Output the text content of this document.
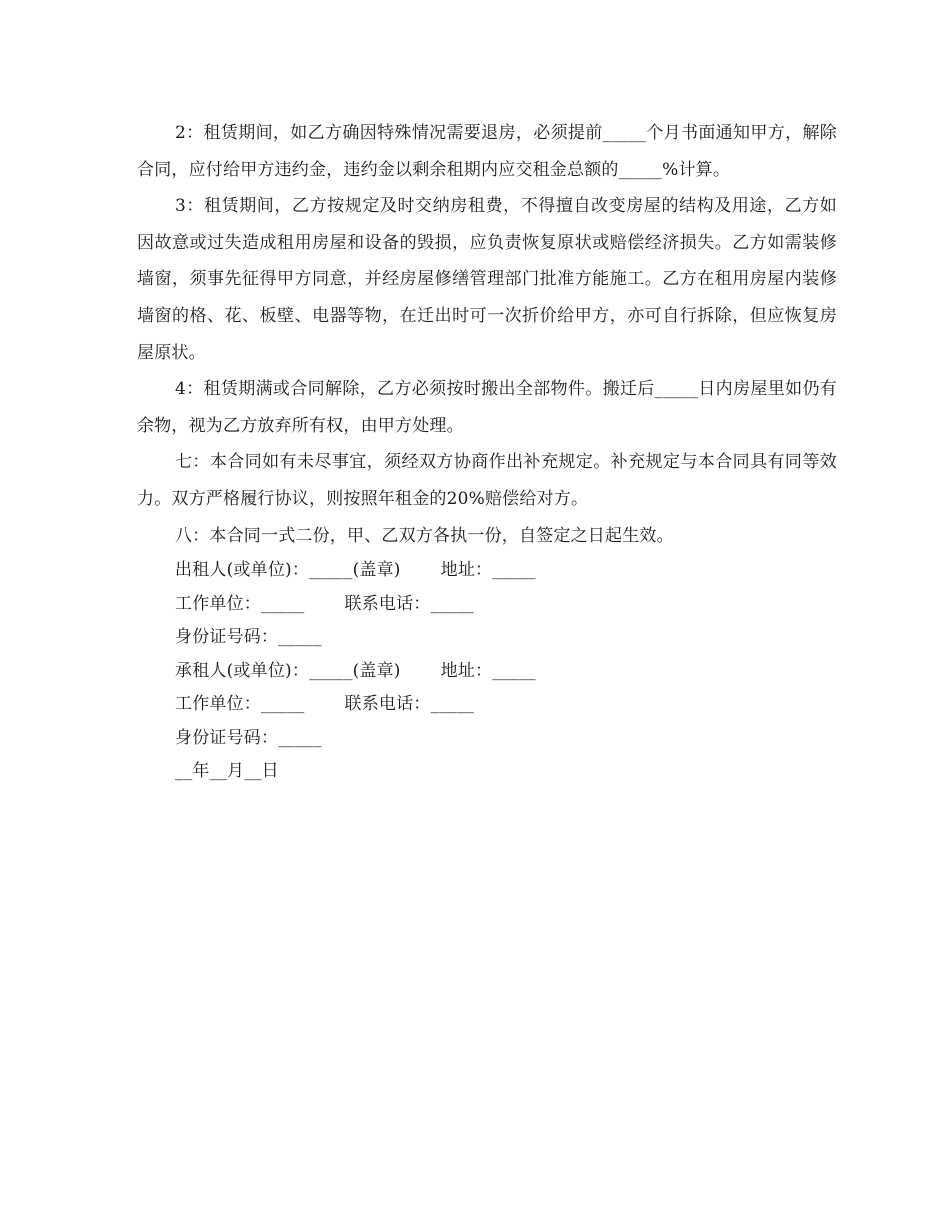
2：租赁期间，如乙方确因特殊情况需要退房，必须提前_____个月书面通知甲方，解除合同，应付给甲方违约金，违约金以剩余租期内应交租金总额的_____%计算。

3：租赁期间，乙方按规定及时交纳房租费，不得擅自改变房屋的结构及用途，乙方如因故意或过失造成租用房屋和设备的毁损，应负责恢复原状或赔偿经济损失。乙方如需装修墙窗，须事先征得甲方同意，并经房屋修缮管理部门批准方能施工。乙方在租用房屋内装修墙窗的格、花、板壁、电器等物，在迁出时可一次折价给甲方，亦可自行拆除，但应恢复房屋原状。

4：租赁期满或合同解除，乙方必须按时搬出全部物件。搬迁后_____日内房屋里如仍有余物，视为乙方放弃所有权，由甲方处理。

七：本合同如有未尽事宜，须经双方协商作出补充规定。补充规定与本合同具有同等效力。双方严格履行协议，则按照年租金的20%赔偿给对方。

八：本合同一式二份，甲、乙双方各执一份，自签定之日起生效。

出租人(或单位)：_____(盖章) 地址：_____

工作单位：_____ 联系电话：_____

身份证号码：_____

承租人(或单位)：_____(盖章) 地址：_____

工作单位：_____ 联系电话：_____

身份证号码：_____

__年__月__日
